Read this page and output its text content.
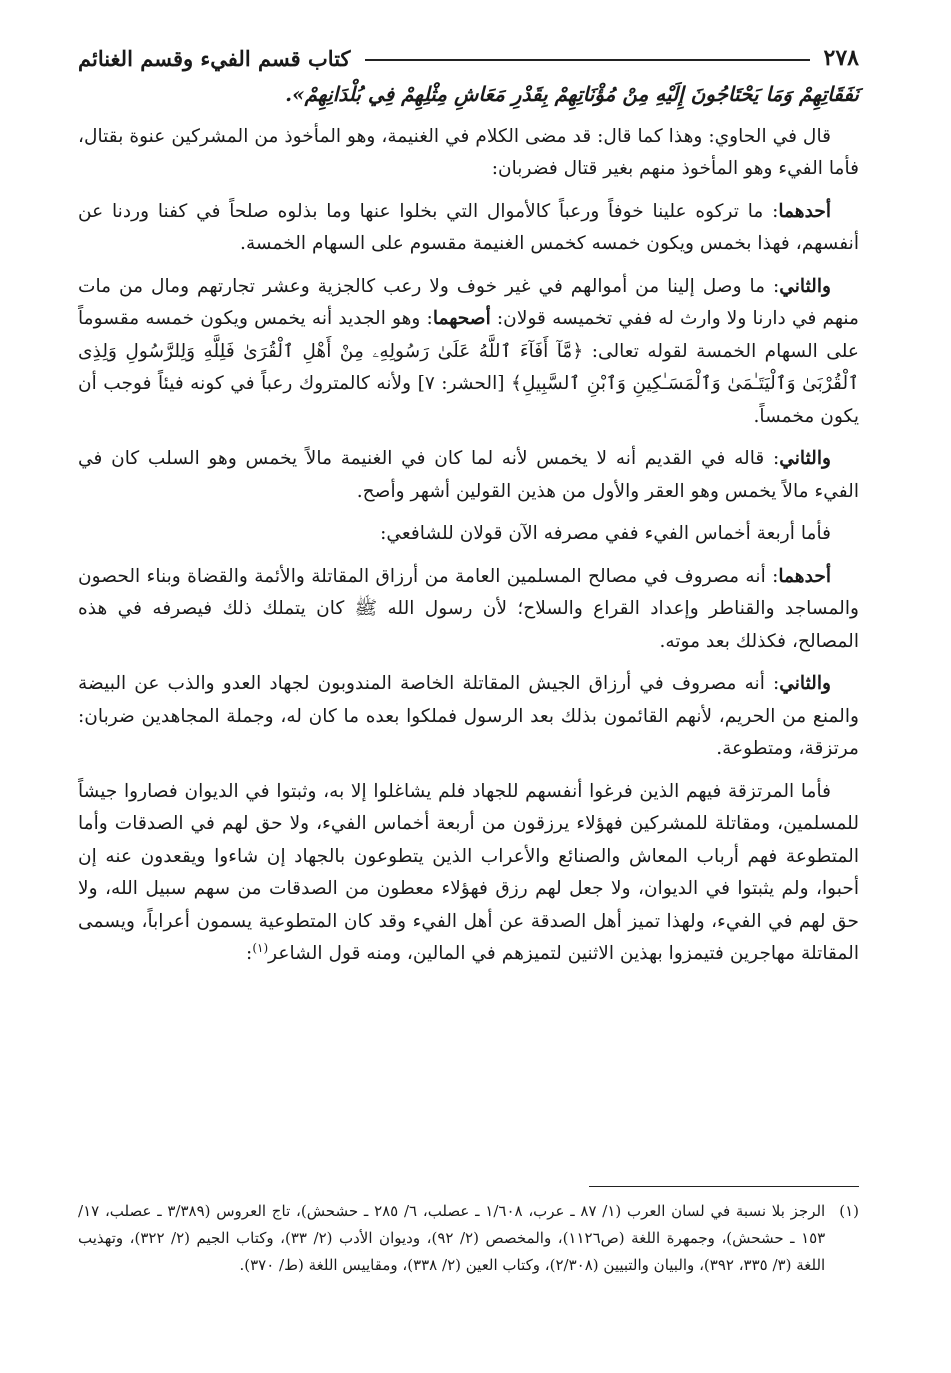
٢٧٨
كتاب قسم الفيء وقسم الغنائم

نَفَقَاتِهِمْ وَمَا يَحْتَاجُونَ إِلَيْهِ مِنْ مُؤْنَاتِهِمْ بِقَدْرِ مَعَاشِ مِثْلِهِمْ فِي بُلْدَانِهِمْ».

قال في الحاوي: وهذا كما قال: قد مضى الكلام في الغنيمة، وهو المأخوذ من المشركين عنوة بقتال، فأما الفيء وهو المأخوذ منهم بغير قتال فضربان:

أحدهما: ما تركوه علينا خوفاً ورعباً كالأموال التي بخلوا عنها وما بذلوه صلحاً في كفنا وردنا عن أنفسهم، فهذا بخمس ويكون خمسه كخمس الغنيمة مقسوم على السهام الخمسة.

والثاني: ما وصل إلينا من أموالهم في غير خوف ولا رعب كالجزية وعشر تجارتهم ومال من مات منهم في دارنا ولا وارث له ففي تخميسه قولان: أصحهما: وهو الجديد أنه يخمس ويكون خمسه مقسوماً على السهام الخمسة لقوله تعالى: ﴿مَّآ أَفَآءَ ٱللَّهُ عَلَىٰ رَسُولِهِۦ مِنْ أَهْلِ ٱلْقُرَىٰ فَلِلَّهِ وَلِلرَّسُولِ وَلِذِى ٱلْقُرْبَىٰ وَٱلْيَتَـٰمَىٰ وَٱلْمَسَـٰكِينِ وَٱبْنِ ٱلسَّبِيلِ﴾ [الحشر: ٧] ولأنه كالمتروك رعباً في كونه فيئاً فوجب أن يكون مخمساً.

والثاني: قاله في القديم أنه لا يخمس لأنه لما كان في الغنيمة مالاً يخمس وهو السلب كان في الفيء مالاً يخمس وهو العقر والأول من هذين القولين أشهر وأصح.

فأما أربعة أخماس الفيء ففي مصرفه الآن قولان للشافعي:

أحدهما: أنه مصروف في مصالح المسلمين العامة من أرزاق المقاتلة والأئمة والقضاة وبناء الحصون والمساجد والقناطر وإعداد القراع والسلاح؛ لأن رسول الله ﷺ كان يتملك ذلك فيصرفه في هذه المصالح، فكذلك بعد موته.

والثاني: أنه مصروف في أرزاق الجيش المقاتلة الخاصة المندوبون لجهاد العدو والذب عن البيضة والمنع من الحريم، لأنهم القائمون بذلك بعد الرسول فملكوا بعده ما كان له، وجملة المجاهدين ضربان: مرتزقة، ومتطوعة.

فأما المرتزقة فيهم الذين فرغوا أنفسهم للجهاد فلم يشاغلوا إلا به، وثبتوا في الديوان فصاروا جيشاً للمسلمين، ومقاتلة للمشركين فهؤلاء يرزقون من أربعة أخماس الفيء، ولا حق لهم في الصدقات وأما المتطوعة فهم أرباب المعاش والصنائع والأعراب الذين يتطوعون بالجهاد إن شاءوا ويقعدون عنه إن أحبوا، ولم يثبتوا في الديوان، ولا جعل لهم رزق فهؤلاء معطون من الصدقات من سهم سبيل الله، ولا حق لهم في الفيء، ولهذا تميز أهل الصدقة عن أهل الفيء وقد كان المتطوعية يسمون أعراباً، ويسمى المقاتلة مهاجرين فتيمزوا بهذين الاثنين لتميزهم في المالين، ومنه قول الشاعر$^{(١)}$:

(١)
الرجز بلا نسبة في لسان العرب (١/ ٨٧ ـ عرب، ١/٦٠٨ ـ عصلب، ٦/ ٢٨٥ ـ حشحش)، تاج العروس (٣/٣٨٩ ـ عصلب، ١٧/ ١٥٣ ـ حشحش)، وجمهرة اللغة (ص١١٢٦)، والمخصص (٢/ ٩٢)، وديوان الأدب (٢/ ٣٣)، وكتاب الجيم (٢/ ٣٢٢)، وتهذيب اللغة (٣/ ٣٣٥، ٣٩٢)، والبيان والتبيين (٢/٣٠٨)، وكتاب العين (٢/ ٣٣٨)، ومقاييس اللغة (ط/ ٣٧٠).
